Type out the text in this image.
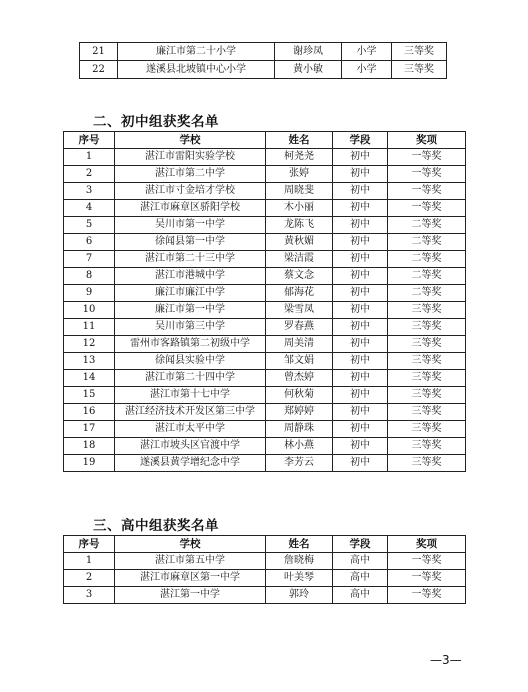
21	廉江市第二十小学	谢珍凤	小学	三等奖
22	遂溪县北坡镇中心小学	黄小敏	小学	三等奖
二、初中组获奖名单
序号	学校	姓名	学段	奖项
1	湛江市雷阳实验学校	柯尧尧	初中	一等奖
2	湛江市第二中学	张婷	初中	一等奖
3	湛江市寸金培才学校	周晓斐	初中	一等奖
4	湛江市麻章区骄阳学校	木小丽	初中	一等奖
5	吴川市第一中学	龙陈飞	初中	二等奖
6	徐闻县第一中学	黄秋媚	初中	二等奖
7	湛江市第二十三中学	梁洁霞	初中	二等奖
8	湛江市港城中学	蔡文念	初中	二等奖
9	廉江市廉江中学	郁海花	初中	二等奖
10	廉江市第一中学	梁雪凤	初中	三等奖
11	吴川市第三中学	罗春燕	初中	三等奖
12	雷州市客路镇第二初级中学	周美清	初中	三等奖
13	徐闻县实验中学	邹文娟	初中	三等奖
14	湛江市第二十四中学	曾杰婷	初中	三等奖
15	湛江市第十七中学	何秋菊	初中	三等奖
16	湛江经济技术开发区第三中学	郑婷婷	初中	三等奖
17	湛江市太平中学	周静珠	初中	三等奖
18	湛江市坡头区官渡中学	林小燕	初中	三等奖
19	遂溪县黄学增纪念中学	李芳云	初中	三等奖
三、高中组获奖名单
序号	学校	姓名	学段	奖项
1	湛江市第五中学	詹晓梅	高中	一等奖
2	湛江市麻章区第一中学	叶美琴	高中	一等奖
3	湛江第一中学	郭玲	高中	一等奖
—3—
